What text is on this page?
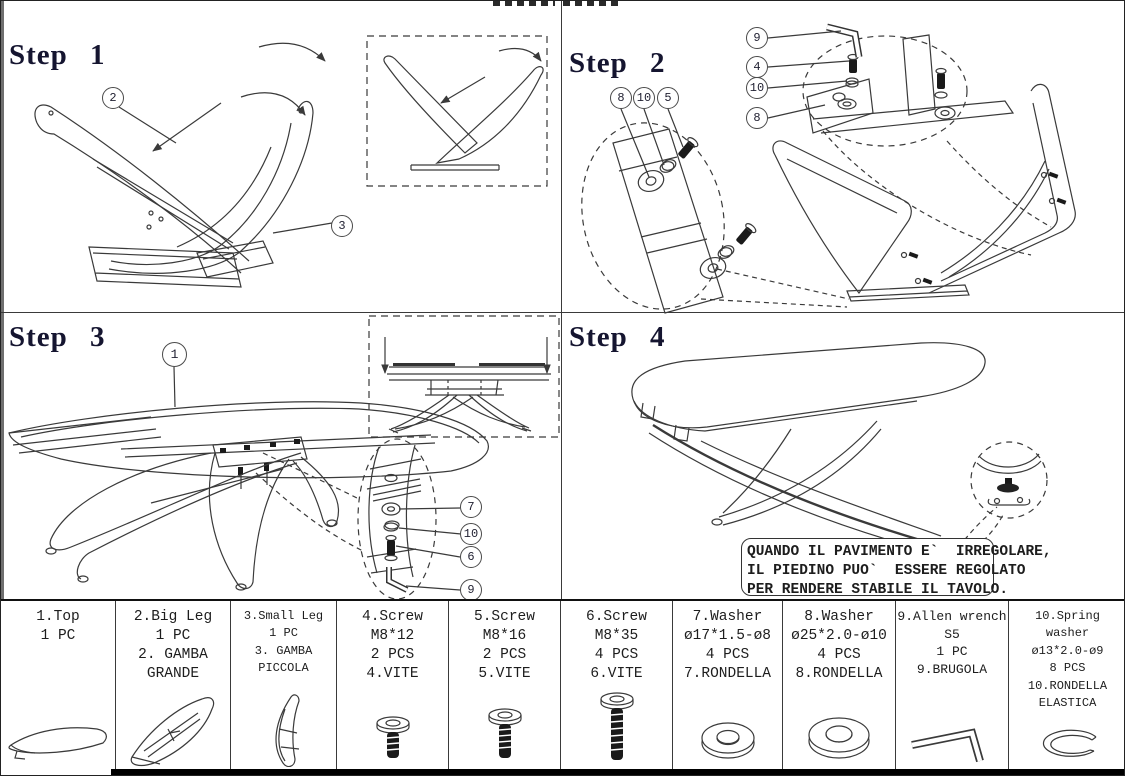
Step 1	Step 2
Step 3	Step 4
2
3
9
4
10
8
8	10	5
1
7
10
6
9
QUANDO IL PAVIMENTO E`  IRREGOLARE,
IL PIEDINO PUO`  ESSERE REGOLATO
PER RENDERE STABILE IL TAVOLO.
1.Top
1 PC
2.Big Leg
1 PC
2. GAMBA
GRANDE
3.Small Leg
1 PC
3. GAMBA
PICCOLA
4.Screw
M8*12
2 PCS
4.VITE
5.Screw
M8*16
2 PCS
5.VITE
6.Screw
M8*35
4 PCS
6.VITE
7.Washer
ø17*1.5-ø8
4 PCS
7.RONDELLA
8.Washer
ø25*2.0-ø10
4 PCS
8.RONDELLA
9.Allen wrench
S5
1 PC
9.BRUGOLA
10.Spring
washer
ø13*2.0-ø9
8 PCS
10.RONDELLA
ELASTICA
